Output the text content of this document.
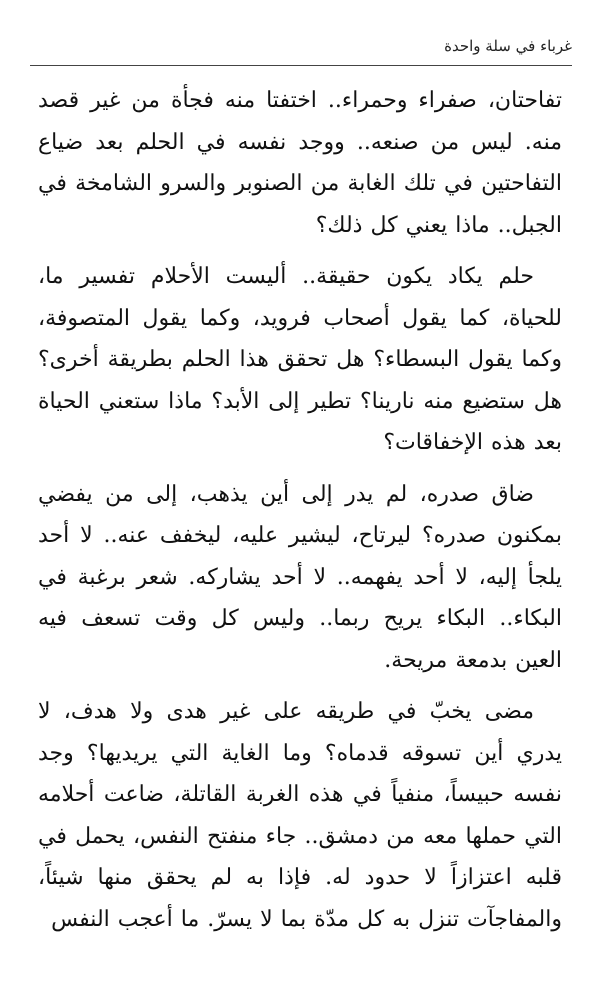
غرباء في سلة واحدة

تفاحتان، صفراء وحمراء.. اختفتا منه فجأة من غير قصد منه. ليس من صنعه.. ووجد نفسه في الحلم بعد ضياع التفاحتين في تلك الغابة من الصنوبر والسرو الشامخة في الجبل.. ماذا يعني كل ذلك؟

حلم يكاد يكون حقيقة.. أليست الأحلام تفسير ما، للحياة، كما يقول أصحاب فرويد، وكما يقول المتصوفة، وكما يقول البسطاء؟ هل تحقق هذا الحلم بطريقة أخرى؟ هل ستضيع منه نارينا؟ تطير إلى الأبد؟ ماذا ستعني الحياة بعد هذه الإخفاقات؟

ضاق صدره، لم يدر إلى أين يذهب، إلى من يفضي بمكنون صدره؟ ليرتاح، ليشير عليه، ليخفف عنه.. لا أحد يلجأ إليه، لا أحد يفهمه.. لا أحد يشاركه. شعر برغبة في البكاء.. البكاء يريح ربما.. وليس كل وقت تسعف فيه العين بدمعة مريحة.

مضى يخبّ في طريقه على غير هدى ولا هدف، لا يدري أين تسوقه قدماه؟ وما الغاية التي يريديها؟ وجد نفسه حبيساً، منفياً في هذه الغربة القاتلة، ضاعت أحلامه التي حملها معه من دمشق.. جاء منفتح النفس، يحمل في قلبه اعتزازاً لا حدود له. فإذا به لم يحقق منها شيئاً، والمفاجآت تنزل به كل مدّة بما لا يسرّ. ما أعجب النفس
